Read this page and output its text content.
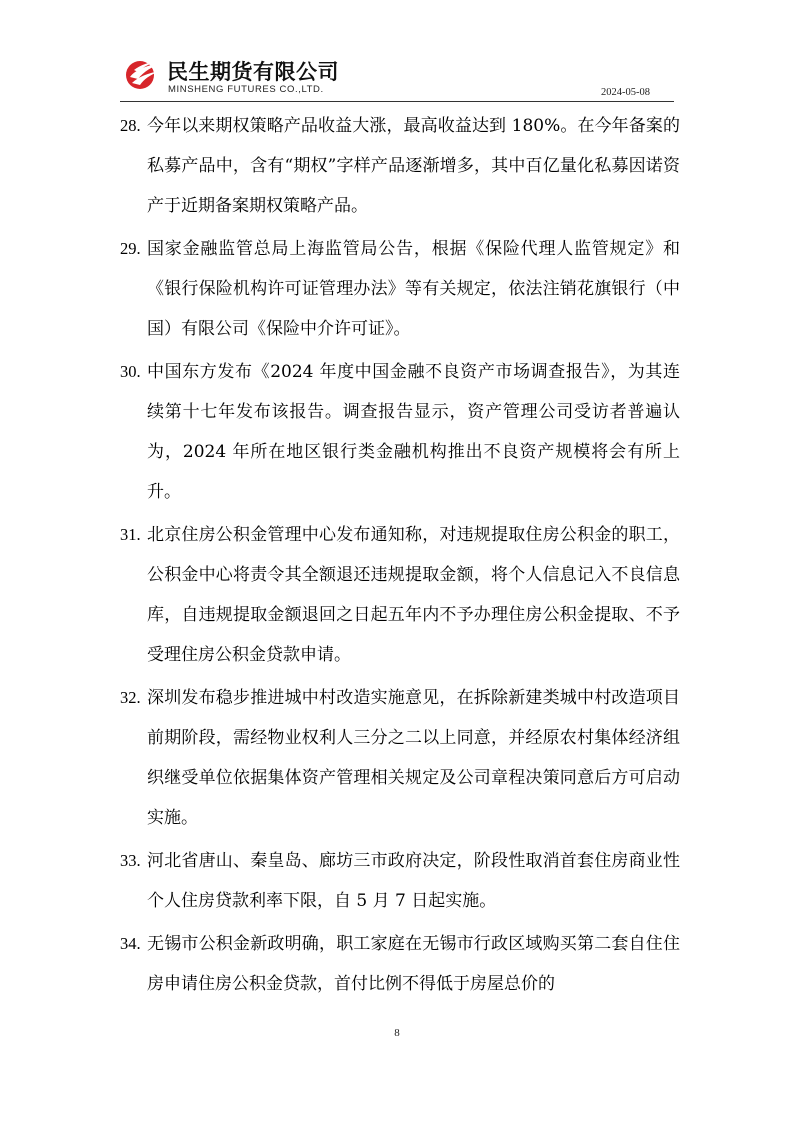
民生期货有限公司
MINSHENG FUTURES CO.,LTD.	2024-05-08
28. 今年以来期权策略产品收益大涨，最高收益达到 180%。在今年备案的私募产品中，含有“期权”字样产品逐渐增多，其中百亿量化私募因诺资产于近期备案期权策略产品。
29. 国家金融监管总局上海监管局公告，根据《保险代理人监管规定》和《银行保险机构许可证管理办法》等有关规定，依法注销花旗银行（中国）有限公司《保险中介许可证》。
30. 中国东方发布《2024 年度中国金融不良资产市场调查报告》，为其连续第十七年发布该报告。调查报告显示，资产管理公司受访者普遍认为，2024 年所在地区银行类金融机构推出不良资产规模将会有所上升。
31. 北京住房公积金管理中心发布通知称，对违规提取住房公积金的职工，公积金中心将责令其全额退还违规提取金额，将个人信息记入不良信息库，自违规提取金额退回之日起五年内不予办理住房公积金提取、不予受理住房公积金贷款申请。
32. 深圳发布稳步推进城中村改造实施意见，在拆除新建类城中村改造项目前期阶段，需经物业权利人三分之二以上同意，并经原农村集体经济组织继受单位依据集体资产管理相关规定及公司章程决策同意后方可启动实施。
33. 河北省唐山、秦皇岛、廊坊三市政府决定，阶段性取消首套住房商业性个人住房贷款利率下限，自 5 月 7 日起实施。
34. 无锡市公积金新政明确，职工家庭在无锡市行政区域购买第二套自住住房申请住房公积金贷款，首付比例不得低于房屋总价的
8
